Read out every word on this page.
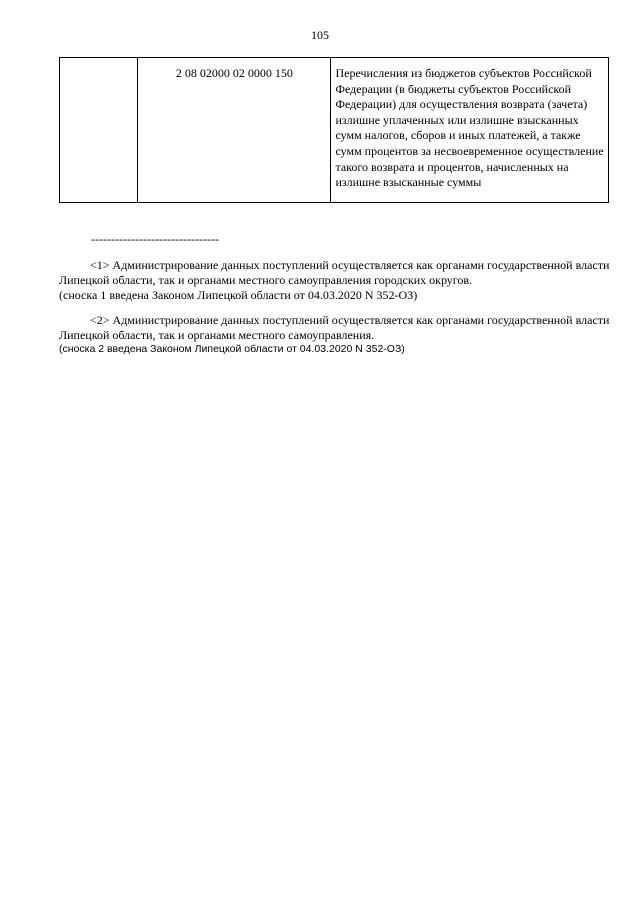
105
	2 08 02000 02 0000 150	Перечисления из бюджетов субъектов Российской Федерации (в бюджеты субъектов Российской Федерации) для осуществления возврата (зачета) излишне уплаченных или излишне взысканных сумм налогов, сборов и иных платежей, а также сумм процентов за несвоевременное осуществление такого возврата и процентов, начисленных на излишне взысканные суммы
--------------------------------
<1> Администрирование данных поступлений осуществляется как органами государственной власти Липецкой области, так и органами местного самоуправления городских округов.
(сноска 1 введена Законом Липецкой области от 04.03.2020 N 352-ОЗ)
<2> Администрирование данных поступлений осуществляется как органами государственной власти Липецкой области, так и органами местного самоуправления.
(сноска 2 введена Законом Липецкой области от 04.03.2020 N 352-ОЗ)
